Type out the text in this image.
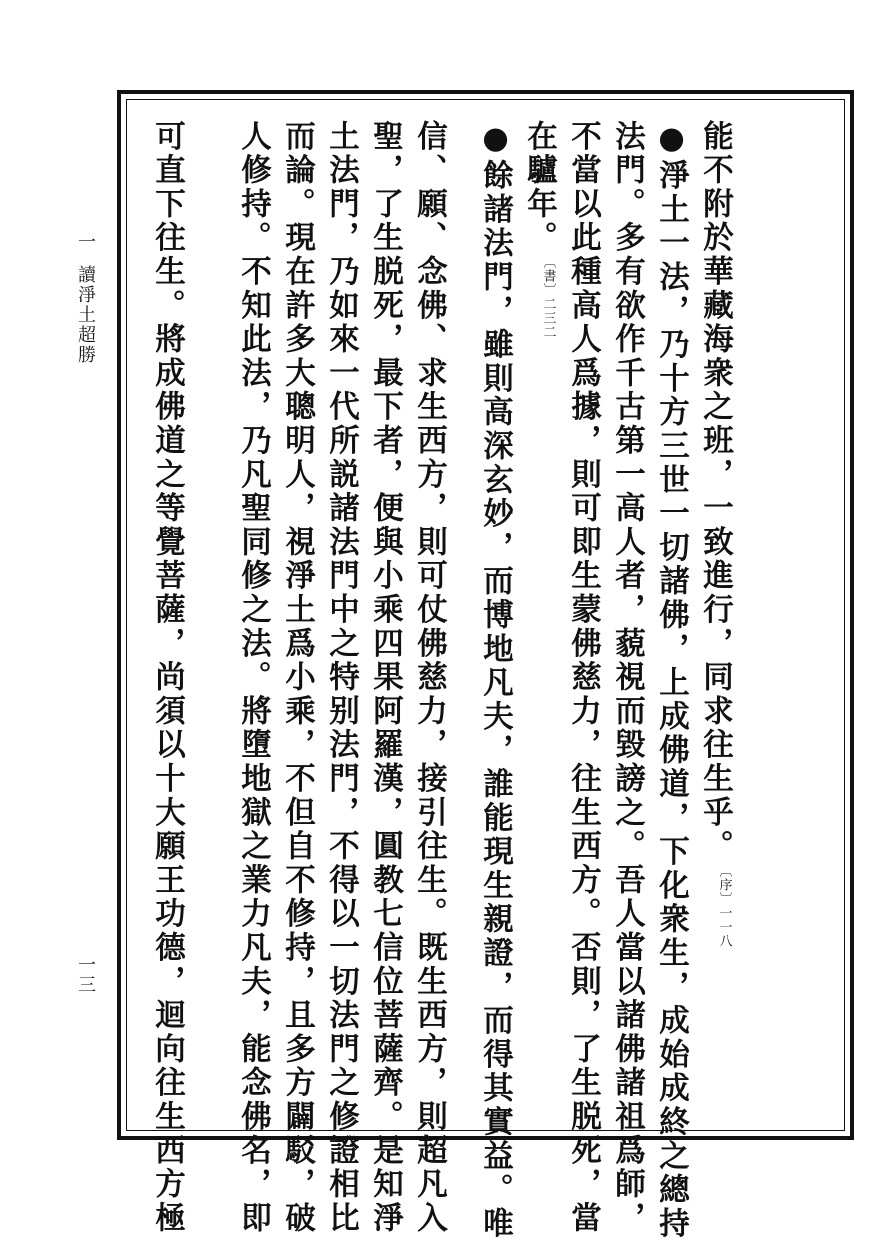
一
讀淨土超勝
一三
能不附於華藏海衆之班，一致進行，同求往生乎。〔序〕一一八
●淨土一法，乃十方三世一切諸佛，上成佛道，下化衆生，成始成終之總持
法門。多有欲作千古第一高人者，藐視而毀謗之。吾人當以諸佛諸祖爲師，
不當以此種高人爲據，則可即生蒙佛慈力，往生西方。否則，了生脱死，當
在驢年。〔書〕二三二
●餘諸法門，雖則高深玄妙，而博地凡夫，誰能現生親證，而得其實益。唯
信、願、念佛、求生西方，則可仗佛慈力，接引往生。既生西方，則超凡入
聖，了生脱死，最下者，便與小乘四果阿羅漢，圓教七信位菩薩齊。是知淨
土法門，乃如來一代所説諸法門中之特别法門，不得以一切法門之修證相比
而論。現在許多大聰明人，視淨土爲小乘，不但自不修持，且多方闢駁，破
人修持。不知此法，乃凡聖同修之法。將墮地獄之業力凡夫，能念佛名，即
可直下往生。將成佛道之等覺菩薩，尚須以十大願王功德，迴向往生西方極
